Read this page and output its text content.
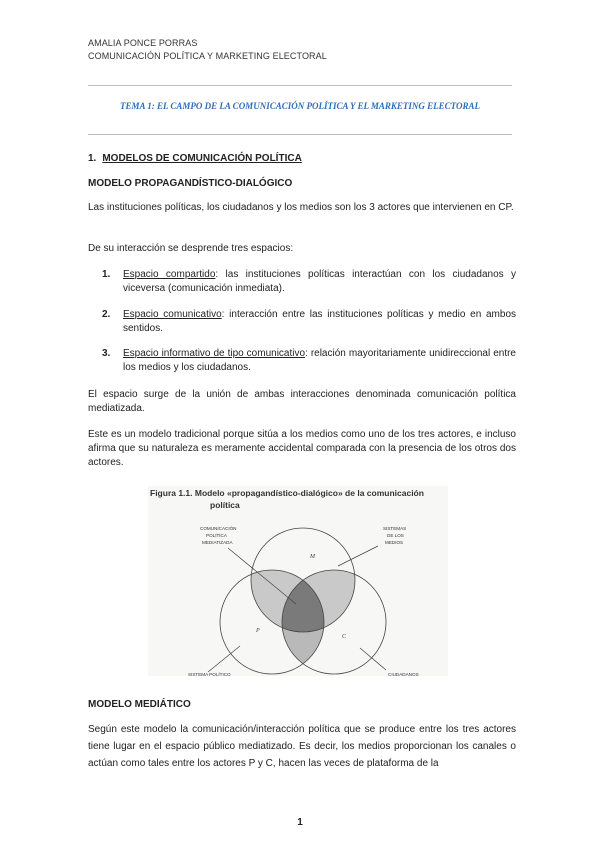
AMALIA PONCE PORRAS
COMUNICACIÓN POLÍTICA Y MARKETING ELECTORAL
TEMA 1: EL CAMPO DE LA COMUNICACIÓN POLÍTICA Y EL MARKETING ELECTORAL
1. MODELOS DE COMUNICACIÓN POLÍTICA
MODELO PROPAGANDÍSTICO-DIALÓGICO
Las instituciones políticas, los ciudadanos y los medios son los 3 actores que intervienen en CP.
De su interacción se desprende tres espacios:
1.	Espacio compartido: las instituciones políticas interactúan con los ciudadanos y viceversa (comunicación inmediata).
2.	Espacio comunicativo: interacción entre las instituciones políticas y medio en ambos sentidos.
3.	Espacio informativo de tipo comunicativo: relación mayoritariamente unidireccional entre los medios y los ciudadanos.
El espacio surge de la unión de ambas interacciones denominada comunicación política mediatizada.
Este es un modelo tradicional porque sitúa a los medios como uno de los tres actores, e incluso afirma que su naturaleza es meramente accidental comparada con la presencia de los otros dos actores.
Figura 1.1. Modelo «propagandístico-dialógico» de la comunicación
política
COMUNICACIÓN
POLÍTICA
MEDIATIZADA
SISTEMAS
DE LOS
MEDIOS
SISTEMA POLÍTICO	CIUDADANOS
M
P
C
MODELO MEDIÁTICO
Según este modelo la comunicación/interacción política que se produce entre los tres actores tiene lugar en el espacio público mediatizado. Es decir, los medios proporcionan los canales o actúan como tales entre los actores P y C, hacen las veces de plataforma de la
1
